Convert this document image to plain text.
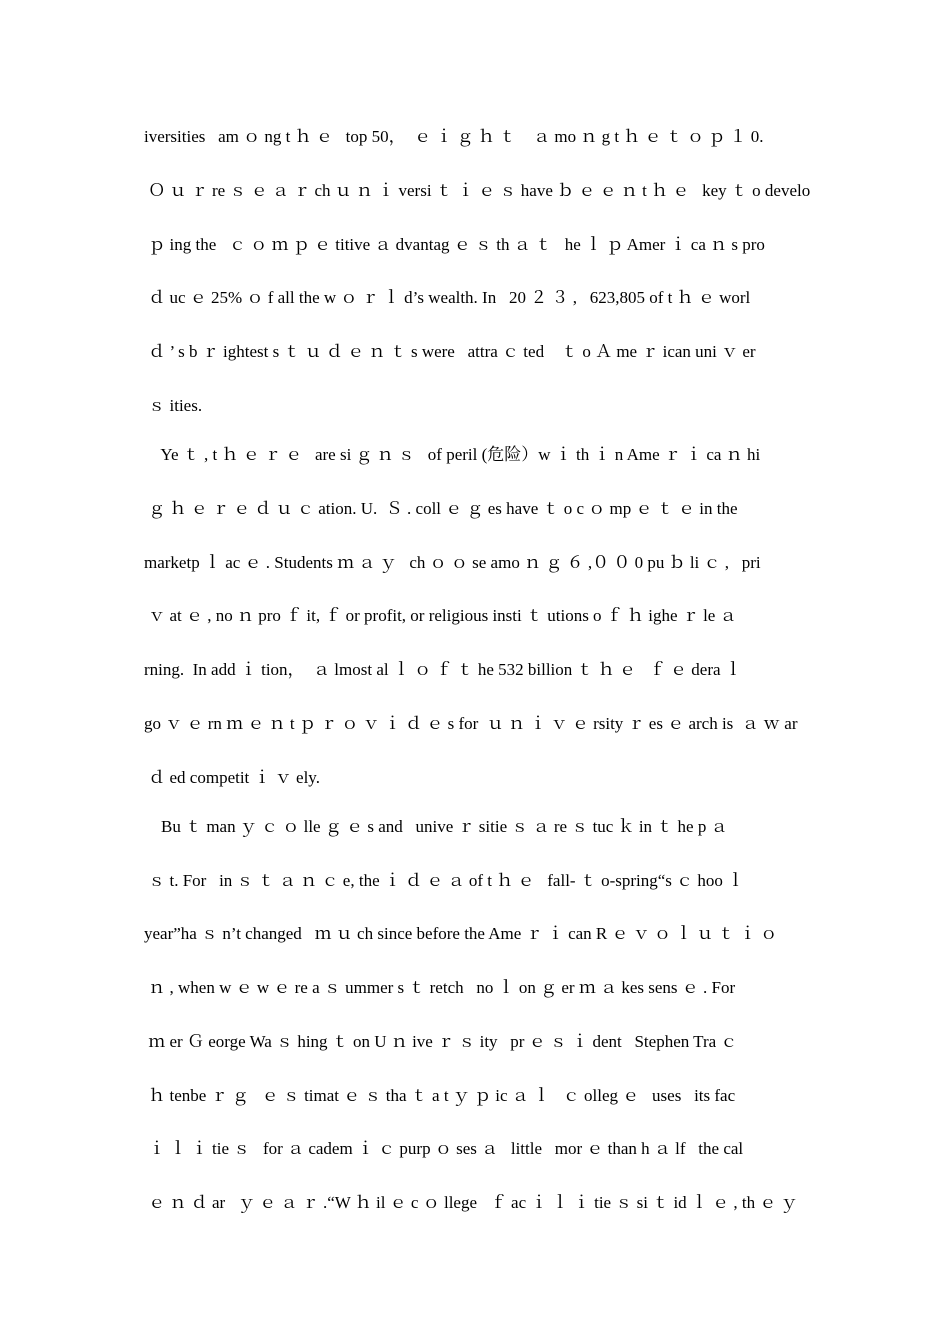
iversities   am ｏ ng t ｈ ｅ   top 50，  ｅ ｉ ｇ ｈ ｔ    ａ mo ｎ g t ｈ ｅ ｔ ｏ ｐ １ 0.
Ｏ ｕ ｒ re ｓ ｅ ａ ｒ ch ｕ ｎ ｉ versi ｔ ｉ ｅ ｓ have ｂ ｅ ｅ ｎ t ｈ ｅ   key ｔ o develo
ｐ ing the   ｃ ｏ ｍ ｐ ｅ titive ａ dvantag ｅ ｓ th ａ ｔ   he ｌ ｐ Amer ｉ ca ｎ s pro
ｄ uc ｅ 25% ｏ f all the w ｏ ｒ ｌ d’s wealth. In   20 ２ ３ ,   623,805 of t ｈ ｅ worl
ｄ ’ s b ｒ ightest s ｔ ｕ ｄ ｅ ｎ ｔ s were   attra ｃ ted    ｔ o Ａ me ｒ ican uni ｖ er
ｓ ities.
Ye ｔ , t ｈ ｅ ｒ ｅ   are si ｇ ｎ ｓ   of peril (危险）w ｉ th ｉ n Ame ｒ ｉ ca ｎ hi
ｇ ｈ ｅ ｒ ｅ ｄ ｕ ｃ ation. U.  Ｓ . coll ｅ ｇ es have ｔ o c ｏ mp ｅ ｔ ｅ in the
marketp ｌ ac ｅ . Students ｍ ａ ｙ   ch ｏ ｏ se amo ｎ ｇ ６ ,０ ０ 0 pu ｂ li ｃ ,   pri
ｖ at ｅ , no ｎ pro ｆ it, ｆ or profit, or religious insti ｔ utions o ｆ ｈ ighe ｒ le ａ
rning.  In add ｉ tion，  ａ lmost al ｌ ｏ ｆ ｔ he 532 billion ｔ ｈ ｅ   ｆ ｅ dera ｌ
go ｖ ｅ rn ｍ ｅ ｎ t ｐ ｒ ｏ ｖ ｉ ｄ ｅ s for  ｕ ｎ ｉ ｖ ｅ rsity ｒ es ｅ arch is  ａ ｗ ar
ｄ ed competit ｉ ｖ ely.
Bu ｔ man ｙ ｃ ｏ lle ｇ ｅ s and   unive ｒ sitie ｓ ａ re ｓ tuc ｋ in ｔ he p ａ
ｓ t. For   in ｓ ｔ ａ ｎ ｃ e, the ｉ ｄ ｅ ａ of t ｈ ｅ   fall- ｔ o-spring“s ｃ hoo ｌ
year”ha ｓ n’t changed   ｍ ｕ ch since before the Ame ｒ ｉ can R ｅ ｖ ｏ ｌ ｕ ｔ ｉ ｏ
ｎ , when w ｅ w ｅ re a ｓ ummer s ｔ retch   no ｌ on ｇ er ｍ ａ kes sens ｅ . For
ｍ er Ｇ eorge Wa ｓ hing ｔ on U ｎ ive ｒ ｓ ity   pr ｅ ｓ ｉ dent   Stephen Tra ｃ
ｈ tenbe ｒ ｇ   ｅ ｓ timat ｅ ｓ tha ｔ a t ｙ ｐ ic ａ ｌ   ｃ olleg ｅ   uses   its fac
ｉ ｌ ｉ tie ｓ   for ａ cadem ｉ ｃ purp ｏ ses ａ   little   mor ｅ than h ａ lf   the cal
ｅ ｎ ｄ ar   ｙ ｅ ａ ｒ .“W ｈ il ｅ c ｏ llege   ｆ ac ｉ ｌ ｉ tie ｓ si ｔ id ｌ ｅ , th ｅ ｙ
